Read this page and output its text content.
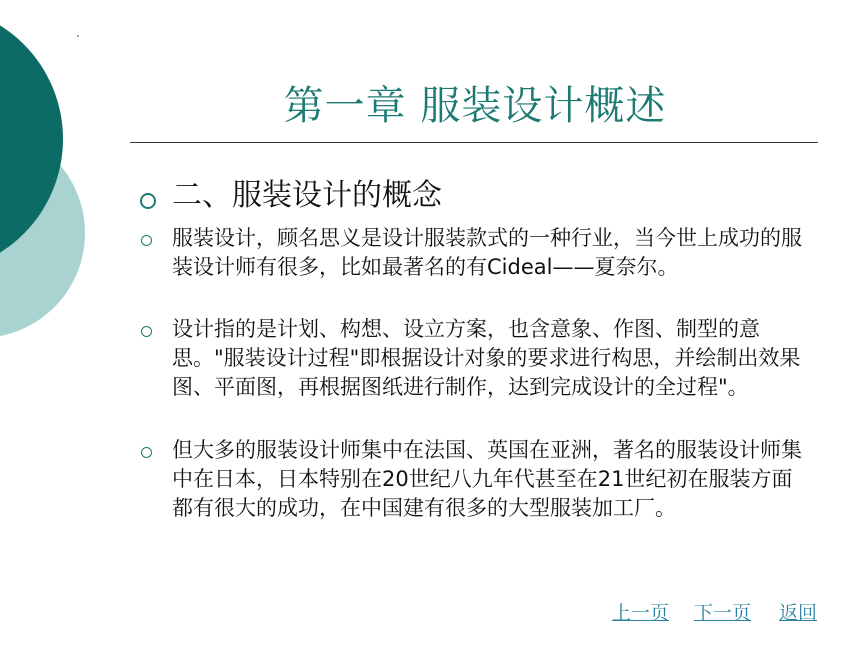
第一章 服装设计概述
二、服装设计的概念

服装设计，顾名思义是设计服装款式的一种行业，当今世上成功的服装设计师有很多，比如最著名的有Cideal——夏奈尔。

设计指的是计划、构想、设立方案，也含意象、作图、制型的意思。"服装设计过程"即根据设计对象的要求进行构思，并绘制出效果图、平面图，再根据图纸进行制作，达到完成设计的全过程"。

但大多的服装设计师集中在法国、英国在亚洲，著名的服装设计师集中在日本，日本特别在20世纪八九年代甚至在21世纪初在服装方面都有很大的成功，在中国建有很多的大型服装加工厂。

上一页 下一页 返回
